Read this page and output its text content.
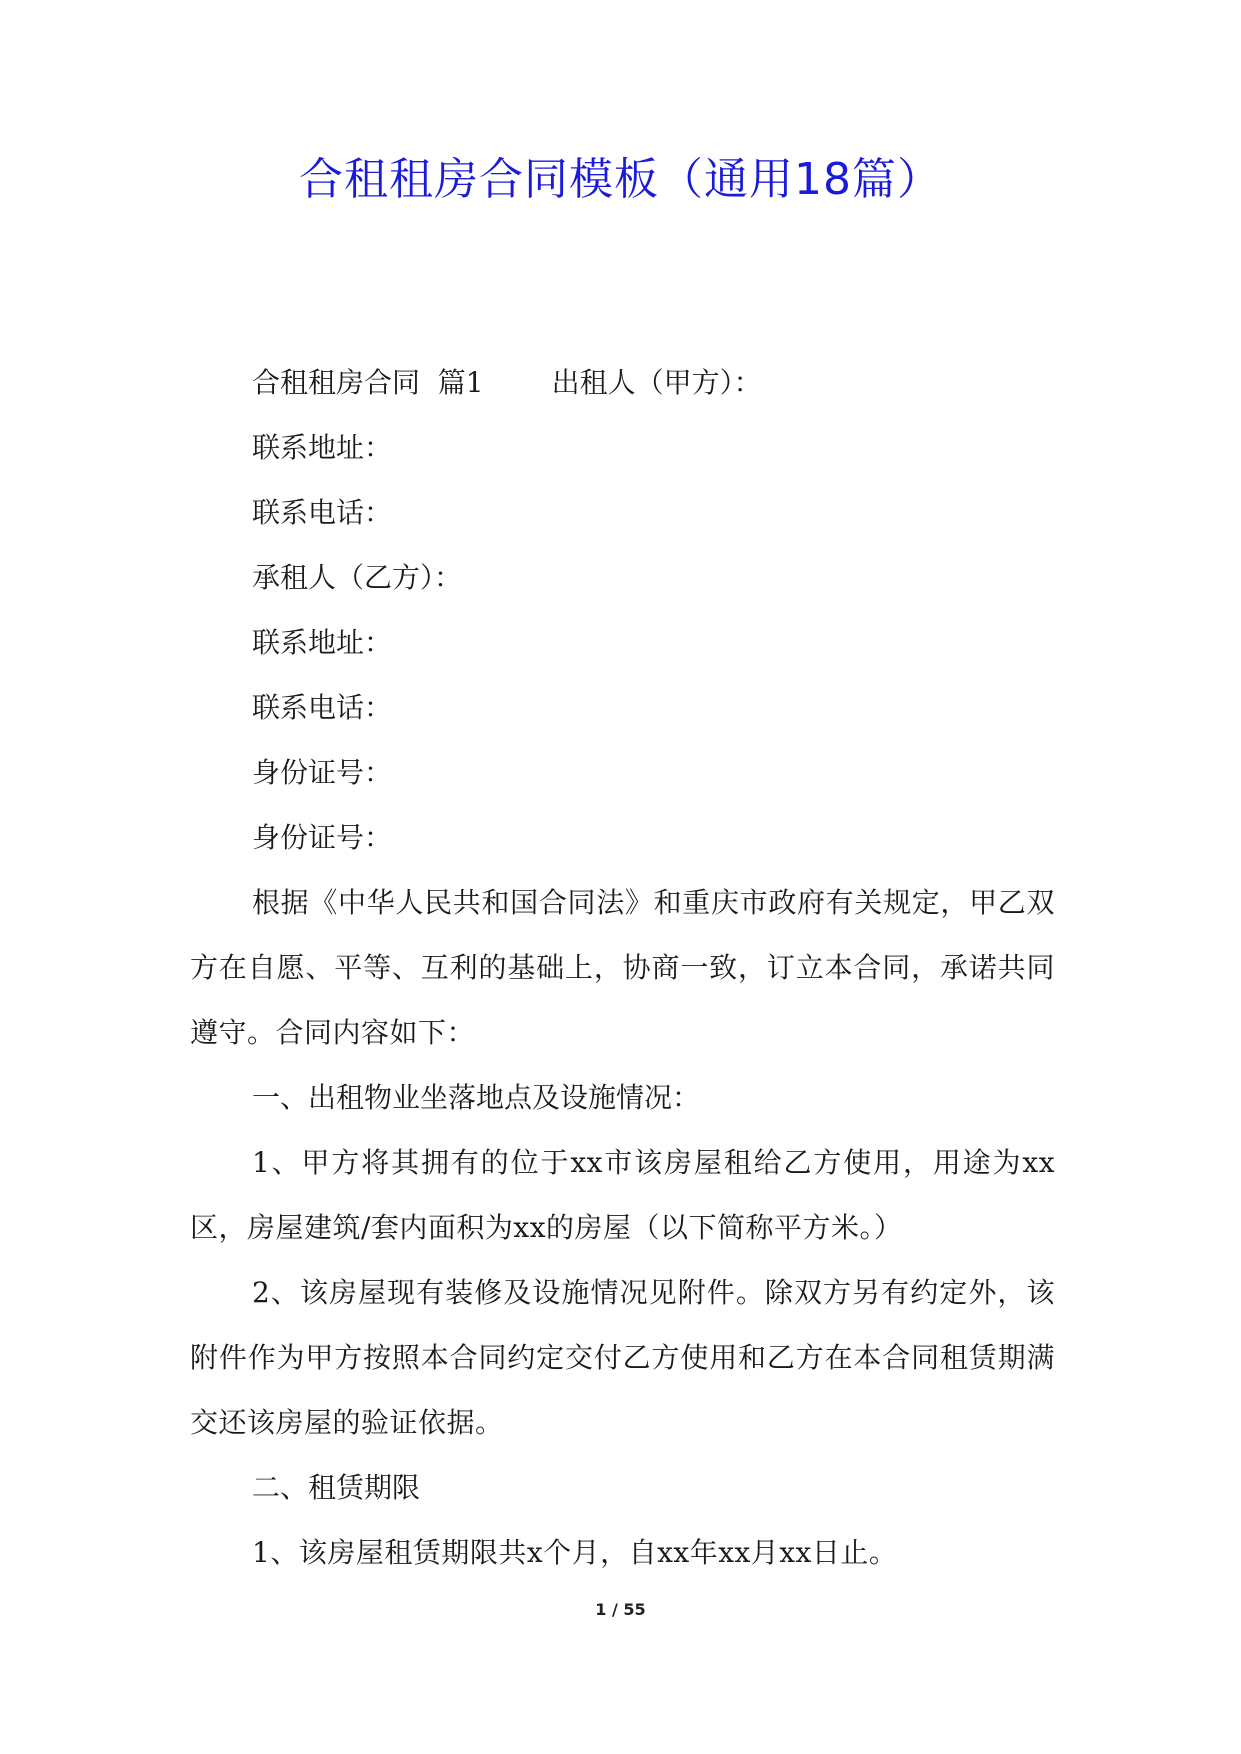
合租租房合同模板（通用18篇）
合租租房合同  篇1 出租人（甲方）：
联系地址：
联系电话：
承租人（乙方）：
联系地址：
联系电话：
身份证号：
身份证号：
根据《中华人民共和国合同法》和重庆市政府有关规定，甲乙双方在自愿、平等、互利的基础上，协商一致，订立本合同，承诺共同遵守。合同内容如下：
一、出租物业坐落地点及设施情况：
1、甲方将其拥有的位于xx市该房屋租给乙方使用，用途为xx区，房屋建筑/套内面积为xx的房屋（以下简称平方米。）
2、该房屋现有装修及设施情况见附件。除双方另有约定外，该附件作为甲方按照本合同约定交付乙方使用和乙方在本合同租赁期满交还该房屋的验证依据。
二、租赁期限
1、该房屋租赁期限共x个月，自xx年xx月xx日止。
1 / 55
